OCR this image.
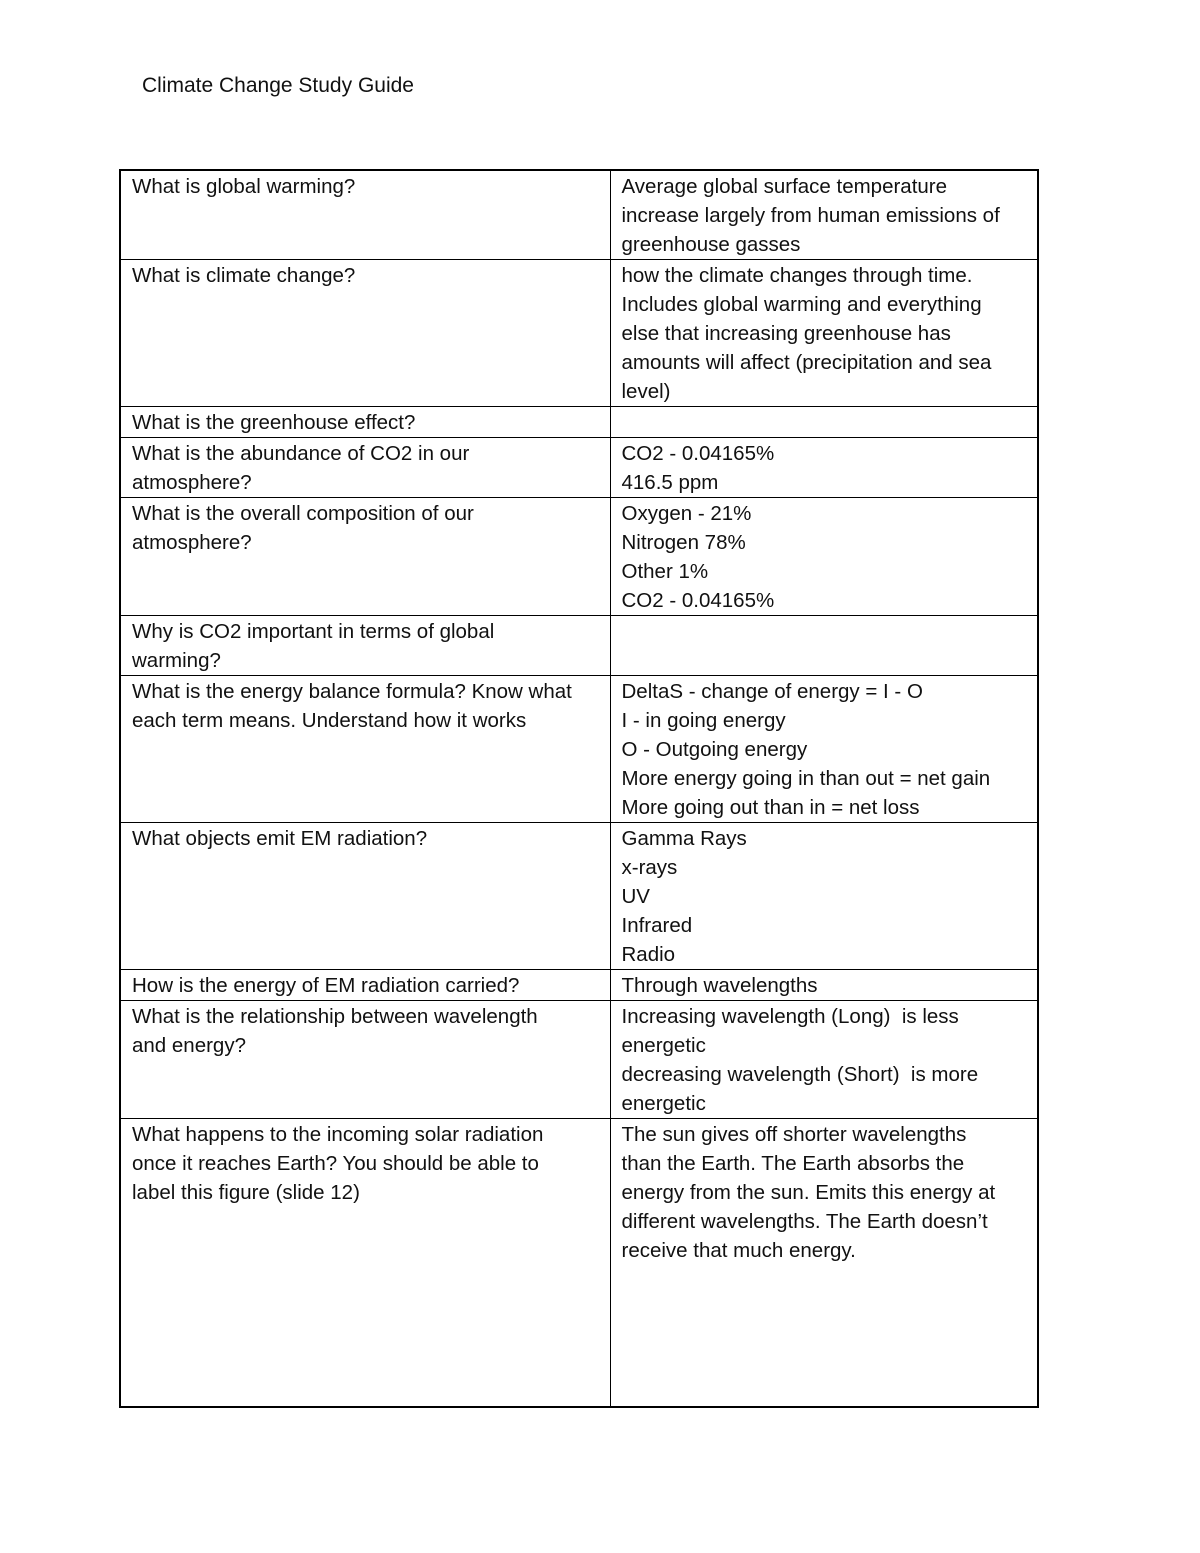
Climate Change Study Guide
What is global warming?	Average global surface temperature
increase largely from human emissions of
greenhouse gasses

What is climate change?	how the climate changes through time.
Includes global warming and everything
else that increasing greenhouse has
amounts will affect (precipitation and sea
level)

What is the greenhouse effect?	

What is the abundance of CO2 in our
atmosphere?	CO2 - 0.04165%
416.5 ppm

What is the overall composition of our
atmosphere?	Oxygen - 21%
Nitrogen 78%
Other 1%
CO2 - 0.04165%

Why is CO2 important in terms of global
warming?	

What is the energy balance formula? Know what
each term means. Understand how it works	DeltaS - change of energy = I - O
I - in going energy
O - Outgoing energy
More energy going in than out = net gain
More going out than in = net loss

What objects emit EM radiation?	Gamma Rays
x-rays
UV
Infrared
Radio

How is the energy of EM radiation carried?	Through wavelengths

What is the relationship between wavelength
and energy?	Increasing wavelength (Long)  is less
energetic
decreasing wavelength (Short)  is more
energetic

What happens to the incoming solar radiation
once it reaches Earth? You should be able to
label this figure (slide 12)	The sun gives off shorter wavelengths
than the Earth. The Earth absorbs the
energy from the sun. Emits this energy at
different wavelengths. The Earth doesn’t
receive that much energy.
